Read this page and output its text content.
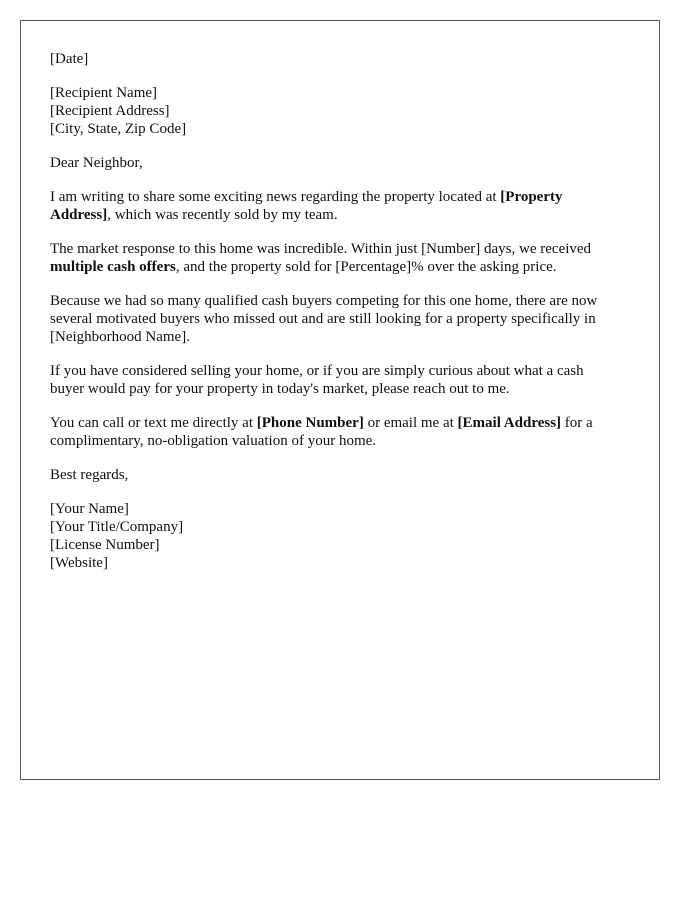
[Date]

[Recipient Name]
[Recipient Address]
[City, State, Zip Code]

Dear Neighbor,

I am writing to share some exciting news regarding the property located at [Property Address], which was recently sold by my team.

The market response to this home was incredible. Within just [Number] days, we received multiple cash offers, and the property sold for [Percentage]% over the asking price.

Because we had so many qualified cash buyers competing for this one home, there are now several motivated buyers who missed out and are still looking for a property specifically in [Neighborhood Name].

If you have considered selling your home, or if you are simply curious about what a cash buyer would pay for your property in today's market, please reach out to me.

You can call or text me directly at [Phone Number] or email me at [Email Address] for a complimentary, no-obligation valuation of your home.

Best regards,

[Your Name]
[Your Title/Company]
[License Number]
[Website]
